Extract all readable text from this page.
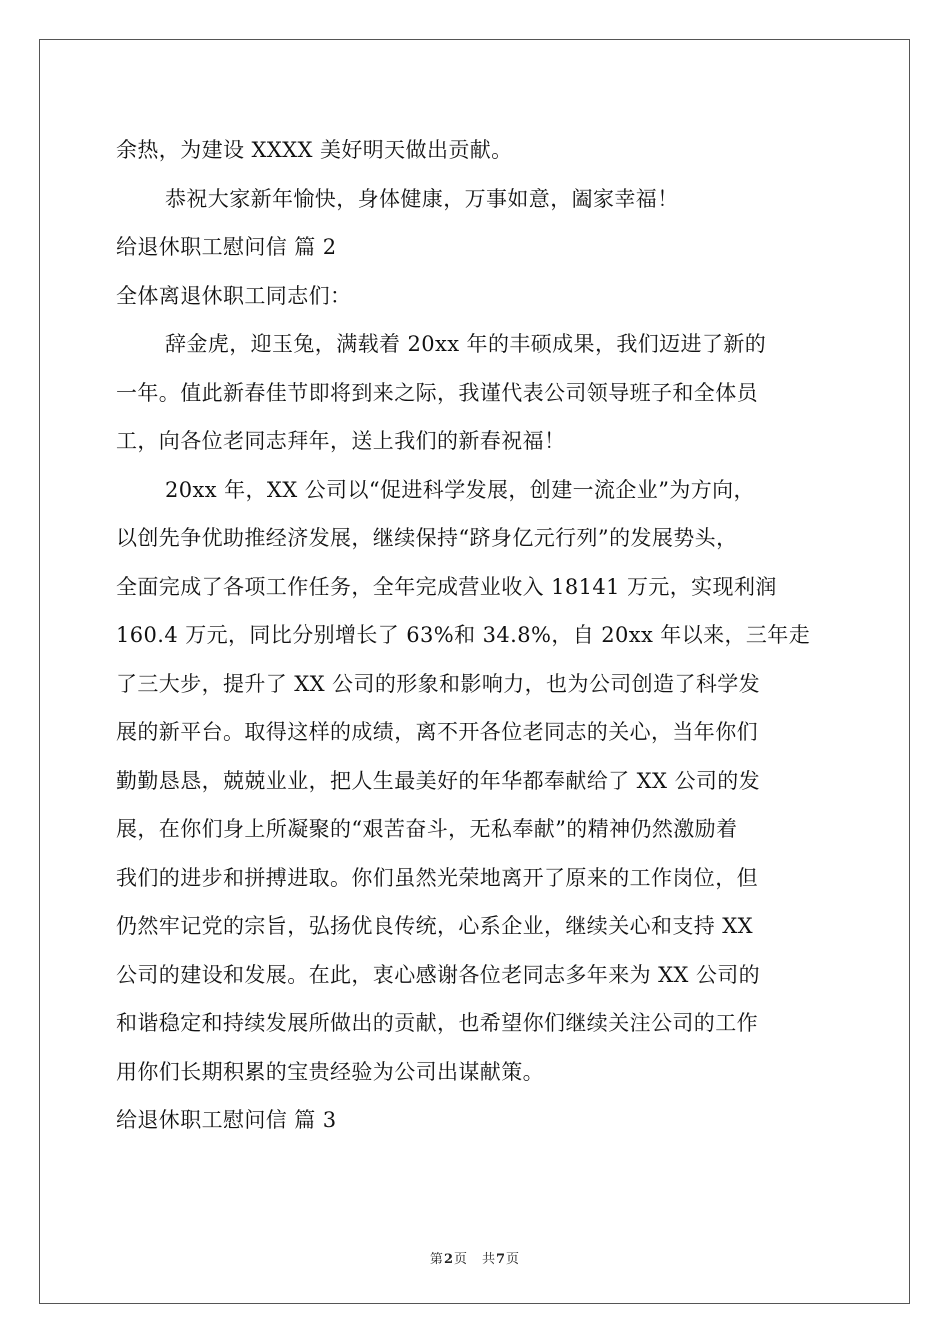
余热，为建设 XXXX 美好明天做出贡献。
恭祝大家新年愉快，身体健康，万事如意，阖家幸福！
给退休职工慰问信 篇 2
全体离退休职工同志们：
辞金虎，迎玉兔，满载着 20xx 年的丰硕成果，我们迈进了新的
一年。值此新春佳节即将到来之际，我谨代表公司领导班子和全体员
工，向各位老同志拜年，送上我们的新春祝福！
20xx 年，XX 公司以“促进科学发展，创建一流企业”为方向，
以创先争优助推经济发展，继续保持“跻身亿元行列”的发展势头，
全面完成了各项工作任务，全年完成营业收入 18141 万元，实现利润
160.4 万元，同比分别增长了 63%和 34.8%，自 20xx 年以来，三年走
了三大步，提升了 XX 公司的形象和影响力，也为公司创造了科学发
展的新平台。取得这样的成绩，离不开各位老同志的关心，当年你们
勤勤恳恳，兢兢业业，把人生最美好的年华都奉献给了 XX 公司的发
展，在你们身上所凝聚的“艰苦奋斗，无私奉献”的精神仍然激励着
我们的进步和拼搏进取。你们虽然光荣地离开了原来的工作岗位，但
仍然牢记党的宗旨，弘扬优良传统，心系企业，继续关心和支持 XX
公司的建设和发展。在此，衷心感谢各位老同志多年来为 XX 公司的
和谐稳定和持续发展所做出的贡献，也希望你们继续关注公司的工作
用你们长期积累的宝贵经验为公司出谋献策。
给退休职工慰问信 篇 3
第2页　共7页
